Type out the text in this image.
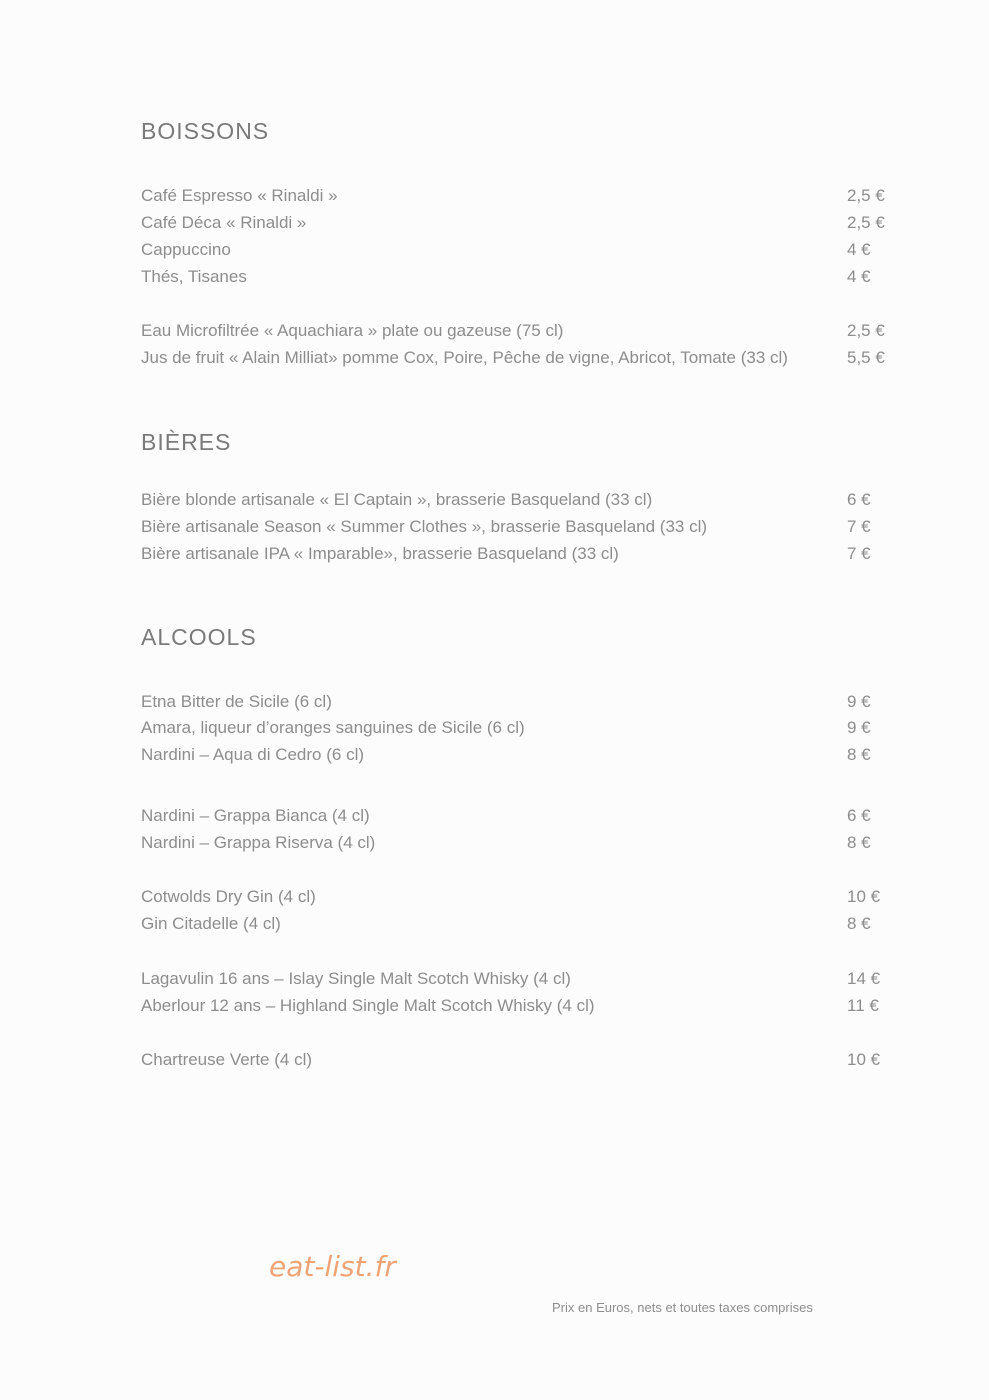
BOISSONS
Café Espresso « Rinaldi »	2,5 €
Café Déca « Rinaldi »	2,5 €
Cappuccino	4 €
Thés, Tisanes	4 €
Eau Microfiltrée « Aquachiara » plate ou gazeuse (75 cl)	2,5 €
Jus de fruit « Alain Milliat» pomme Cox, Poire, Pêche de vigne, Abricot, Tomate (33 cl)	5,5 €
BIÈRES
Bière blonde artisanale « El Captain », brasserie Basqueland (33 cl)	6 €
Bière artisanale Season « Summer Clothes », brasserie Basqueland (33 cl)	7 €
Bière artisanale IPA « Imparable», brasserie Basqueland (33 cl)	7 €
ALCOOLS
Etna Bitter de Sicile (6 cl)	9 €
Amara, liqueur d’oranges sanguines de Sicile (6 cl)	9 €
Nardini – Aqua di Cedro (6 cl)	8 €
Nardini – Grappa Bianca (4 cl)	6 €
Nardini – Grappa Riserva (4 cl)	8 €
Cotwolds Dry Gin (4 cl)	10 €
Gin Citadelle (4 cl)	8 €
Lagavulin 16 ans – Islay Single Malt Scotch Whisky (4 cl)	14 €
Aberlour 12 ans – Highland Single Malt Scotch Whisky (4 cl)	11 €
Chartreuse Verte (4 cl)	10 €
eat-list.fr
Prix en Euros, nets et toutes taxes comprises
